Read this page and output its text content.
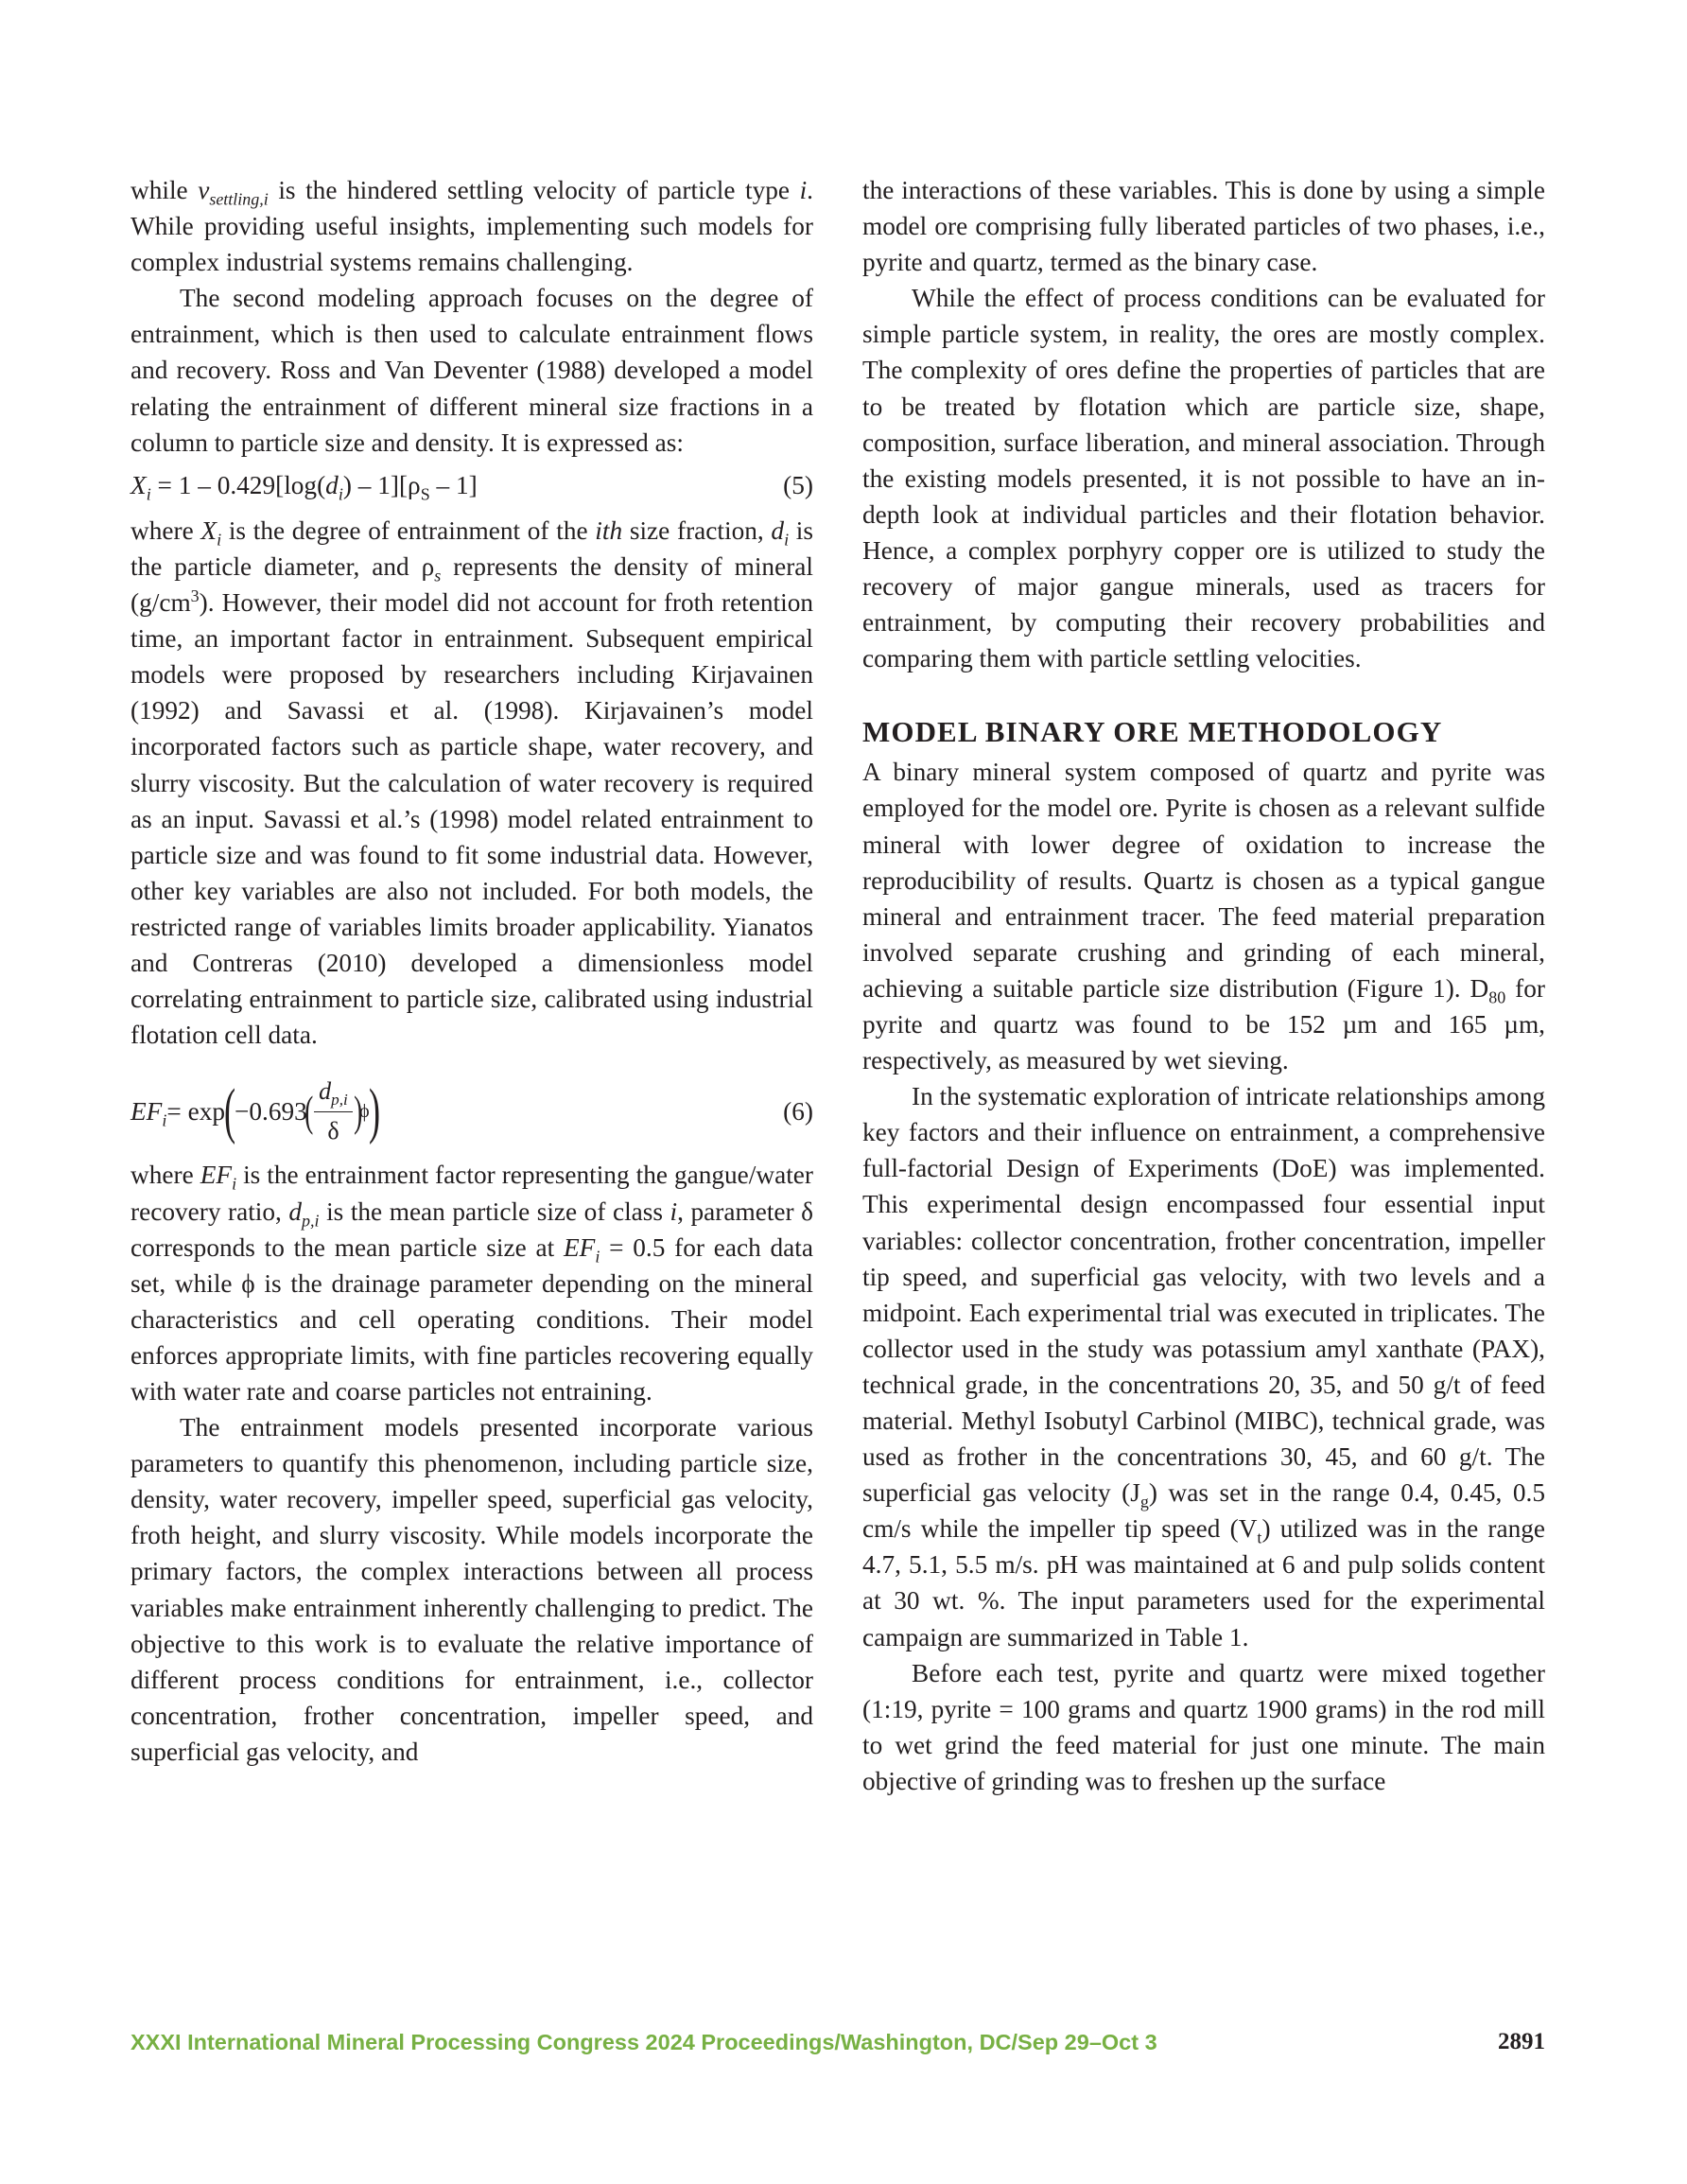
while $v_{settling,i}$ is the hindered settling velocity of particle type i. While providing useful insights, implementing such models for complex industrial systems remains challenging.

The second modeling approach focuses on the degree of entrainment, which is then used to calculate entrainment flows and recovery. Ross and Van Deventer (1988) developed a model relating the entrainment of different mineral size fractions in a column to particle size and density. It is expressed as:

$X_i = 1 - 0.429[\log(d_i) - 1][\rho_S - 1]$	(5)

where $X_i$ is the degree of entrainment of the ith size fraction, $d_i$ is the particle diameter, and $\rho_s$ represents the density of mineral $(g/cm^3)$. However, their model did not account for froth retention time, an important factor in entrainment. Subsequent empirical models were proposed by researchers including Kirjavainen (1992) and Savassi et al. (1998). Kirjavainen’s model incorporated factors such as particle shape, water recovery, and slurry viscosity. But the calculation of water recovery is required as an input. Savassi et al.’s (1998) model related entrainment to particle size and was found to fit some industrial data. However, other key variables are also not included. For both models, the restricted range of variables limits broader applicability. Yianatos and Contreras (2010) developed a dimensionless model correlating entrainment to particle size, calibrated using industrial flotation cell data.

$EF_i = \exp$
(
−0.693
( $\frac{d_{p,i}}{\delta}$ )
ϕ
)	(6)

where $EF_i$ is the entrainment factor representing the gangue/water recovery ratio, $d_{p,i}$ is the mean particle size of class i, parameter δ corresponds to the mean particle size at $EF_i = 0.5$ for each data set, while ϕ is the drainage parameter depending on the mineral characteristics and cell operating conditions. Their model enforces appropriate limits, with fine particles recovering equally with water rate and coarse particles not entraining.

The entrainment models presented incorporate various parameters to quantify this phenomenon, including particle size, density, water recovery, impeller speed, superficial gas velocity, froth height, and slurry viscosity. While models incorporate the primary factors, the complex interactions between all process variables make entrainment inherently challenging to predict. The objective to this work is to evaluate the relative importance of different process conditions for entrainment, i.e., collector concentration, frother concentration, impeller speed, and superficial gas velocity, and

the interactions of these variables. This is done by using a simple model ore comprising fully liberated particles of two phases, i.e., pyrite and quartz, termed as the binary case.

While the effect of process conditions can be evaluated for simple particle system, in reality, the ores are mostly complex. The complexity of ores define the properties of particles that are to be treated by flotation which are particle size, shape, composition, surface liberation, and mineral association. Through the existing models presented, it is not possible to have an in-depth look at individual particles and their flotation behavior. Hence, a complex porphyry copper ore is utilized to study the recovery of major gangue minerals, used as tracers for entrainment, by computing their recovery probabilities and comparing them with particle settling velocities.

MODEL BINARY ORE METHODOLOGY

A binary mineral system composed of quartz and pyrite was employed for the model ore. Pyrite is chosen as a relevant sulfide mineral with lower degree of oxidation to increase the reproducibility of results. Quartz is chosen as a typical gangue mineral and entrainment tracer. The feed material preparation involved separate crushing and grinding of each mineral, achieving a suitable particle size distribution (Figure 1). $D_{80}$ for pyrite and quartz was found to be 152 µm and 165 µm, respectively, as measured by wet sieving.

In the systematic exploration of intricate relationships among key factors and their influence on entrainment, a comprehensive full-factorial Design of Experiments (DoE) was implemented. This experimental design encompassed four essential input variables: collector concentration, frother concentration, impeller tip speed, and superficial gas velocity, with two levels and a midpoint. Each experimental trial was executed in triplicates. The collector used in the study was potassium amyl xanthate (PAX), technical grade, in the concentrations 20, 35, and 50 g/t of feed material. Methyl Isobutyl Carbinol (MIBC), technical grade, was used as frother in the concentrations 30, 45, and 60 g/t. The superficial gas velocity $(J_g)$ was set in the range 0.4, 0.45, 0.5 cm/s while the impeller tip speed $(V_t)$ utilized was in the range 4.7, 5.1, 5.5 m/s. pH was maintained at 6 and pulp solids content at 30 wt. %. The input parameters used for the experimental campaign are summarized in Table 1.

Before each test, pyrite and quartz were mixed together (1:19, pyrite = 100 grams and quartz 1900 grams) in the rod mill to wet grind the feed material for just one minute. The main objective of grinding was to freshen up the surface

XXXI International Mineral Processing Congress 2024 Proceedings/Washington, DC/Sep 29–Oct 3	2891
